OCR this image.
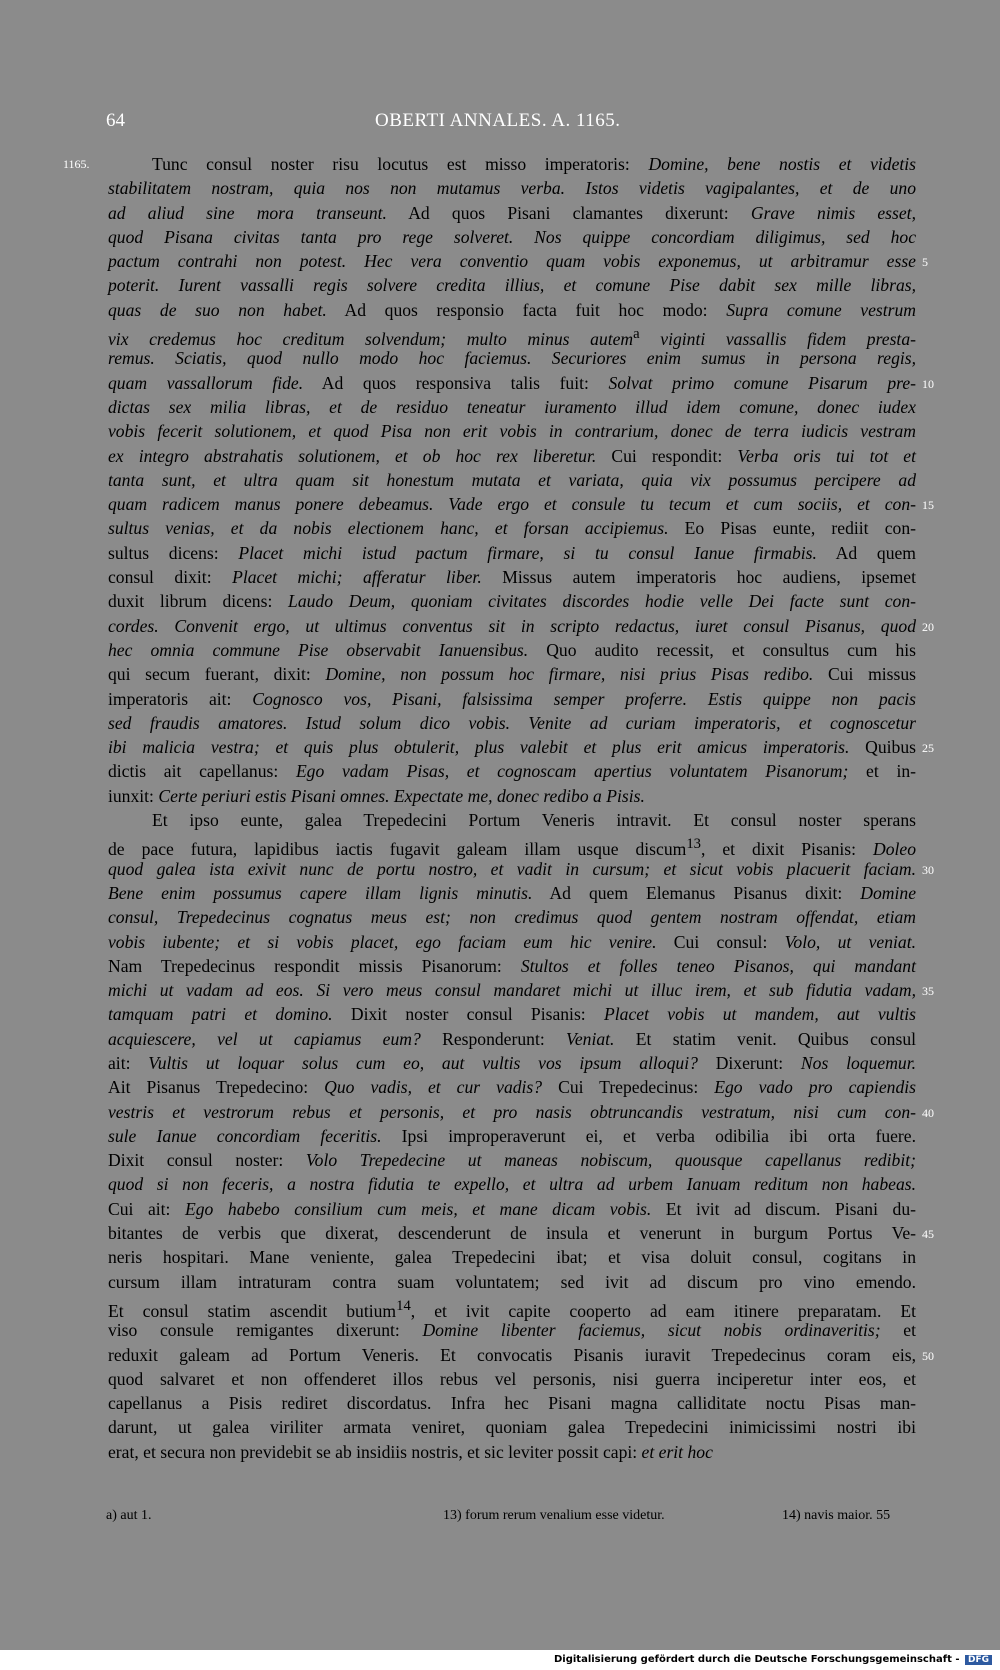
64	OBERTI ANNALES. A. 1165.
1165.	Tunc consul noster risu locutus est misso imperatoris: Domine, bene nostis et videtis
stabilitatem nostram, quia nos non mutamus verba. Istos videtis vagipalantes, et de uno
ad aliud sine mora transeunt. Ad quos Pisani clamantes dixerunt: Grave nimis esset,
quod Pisana civitas tanta pro rege solveret. Nos quippe concordiam diligimus, sed hoc
pactum contrahi non potest. Hec vera conventio quam vobis exponemus, ut arbitramur esse
poterit. Iurent vassalli regis solvere credita illius, et comune Pise dabit sex mille libras,
quas de suo non habet. Ad quos responsio facta fuit hoc modo: Supra comune vestrum
vix credemus hoc creditum solvendum; multo minus autem$^a$ viginti vassallis fidem presta-
remus. Sciatis, quod nullo modo hoc faciemus. Securiores enim sumus in persona regis,
quam vassallorum fide. Ad quos responsiva talis fuit: Solvat primo comune Pisarum pre-
dictas sex milia libras, et de residuo teneatur iuramento illud idem comune, donec iudex
vobis fecerit solutionem, et quod Pisa non erit vobis in contrarium, donec de terra iudicis vestram
ex integro abstrahatis solutionem, et ob hoc rex liberetur. Cui respondit: Verba oris tui tot et
tanta sunt, et ultra quam sit honestum mutata et variata, quia vix possumus percipere ad
quam radicem manus ponere debeamus. Vade ergo et consule tu tecum et cum sociis, et con-
sultus venias, et da nobis electionem hanc, et forsan accipiemus. Eo Pisas eunte, rediit con-
sultus dicens: Placet michi istud pactum firmare, si tu consul Ianue firmabis. Ad quem
consul dixit: Placet michi; afferatur liber. Missus autem imperatoris hoc audiens, ipsemet
duxit librum dicens: Laudo Deum, quoniam civitates discordes hodie velle Dei facte sunt con-
cordes. Convenit ergo, ut ultimus conventus sit in scripto redactus, iuret consul Pisanus, quod
hec omnia commune Pise observabit Ianuensibus. Quo audito recessit, et consultus cum his
qui secum fuerant, dixit: Domine, non possum hoc firmare, nisi prius Pisas redibo. Cui missus
imperatoris ait: Cognosco vos, Pisani, falsissima semper proferre. Estis quippe non pacis
sed fraudis amatores. Istud solum dico vobis. Venite ad curiam imperatoris, et cognoscetur
ibi malicia vestra; et quis plus obtulerit, plus valebit et plus erit amicus imperatoris. Quibus
dictis ait capellanus: Ego vadam Pisas, et cognoscam apertius voluntatem Pisanorum; et in-
iunxit: Certe periuri estis Pisani omnes. Expectate me, donec redibo a Pisis.
Et ipso eunte, galea Trepedecini Portum Veneris intravit. Et consul noster sperans
de pace futura, lapidibus iactis fugavit galeam illam usque discum$^{13}$, et dixit Pisanis: Doleo
quod galea ista exivit nunc de portu nostro, et vadit in cursum; et sicut vobis placuerit faciam.
Bene enim possumus capere illam lignis minutis. Ad quem Elemanus Pisanus dixit: Domine
consul, Trepedecinus cognatus meus est; non credimus quod gentem nostram offendat, etiam
vobis iubente; et si vobis placet, ego faciam eum hic venire. Cui consul: Volo, ut veniat.
Nam Trepedecinus respondit missis Pisanorum: Stultos et folles teneo Pisanos, qui mandant
michi ut vadam ad eos. Si vero meus consul mandaret michi ut illuc irem, et sub fidutia vadam,
tamquam patri et domino. Dixit noster consul Pisanis: Placet vobis ut mandem, aut vultis
acquiescere, vel ut capiamus eum? Responderunt: Veniat. Et statim venit. Quibus consul
ait: Vultis ut loquar solus cum eo, aut vultis vos ipsum alloqui? Dixerunt: Nos loquemur.
Ait Pisanus Trepedecino: Quo vadis, et cur vadis? Cui Trepedecinus: Ego vado pro capiendis
vestris et vestrorum rebus et personis, et pro nasis obtruncandis vestratum, nisi cum con-
sule Ianue concordiam feceritis. Ipsi improperaverunt ei, et verba odibilia ibi orta fuere.
Dixit consul noster: Volo Trepedecine ut maneas nobiscum, quousque capellanus redibit;
quod si non feceris, a nostra fidutia te expello, et ultra ad urbem Ianuam reditum non habeas.
Cui ait: Ego habebo consilium cum meis, et mane dicam vobis. Et ivit ad discum. Pisani du-
bitantes de verbis que dixerat, descenderunt de insula et venerunt in burgum Portus Ve-
neris hospitari. Mane veniente, galea Trepedecini ibat; et visa doluit consul, cogitans in
cursum illam intraturam contra suam voluntatem; sed ivit ad discum pro vino emendo.
Et consul statim ascendit butium$^{14}$, et ivit capite cooperto ad eam itinere preparatam. Et
viso consule remigantes dixerunt: Domine libenter faciemus, sicut nobis ordinaveritis; et
reduxit galeam ad Portum Veneris. Et convocatis Pisanis iuravit Trepedecinus coram eis,
quod salvaret et non offenderet illos rebus vel personis, nisi guerra inciperetur inter eos, et
capellanus a Pisis rediret discordatus. Infra hec Pisani magna calliditate noctu Pisas man-
darunt, ut galea viriliter armata veniret, quoniam galea Trepedecini inimicissimi nostri ibi
erat, et secura non previdebit se ab insidiis nostris, et sic leviter possit capi: et erit hoc
5
10
15
20
25
30
35
40
45
50
a) aut 1.	13) forum rerum venalium esse videtur.	14) navis maior. 55
Digitalisierung gefördert durch die Deutsche Forschungsgemeinschaft - DFG
